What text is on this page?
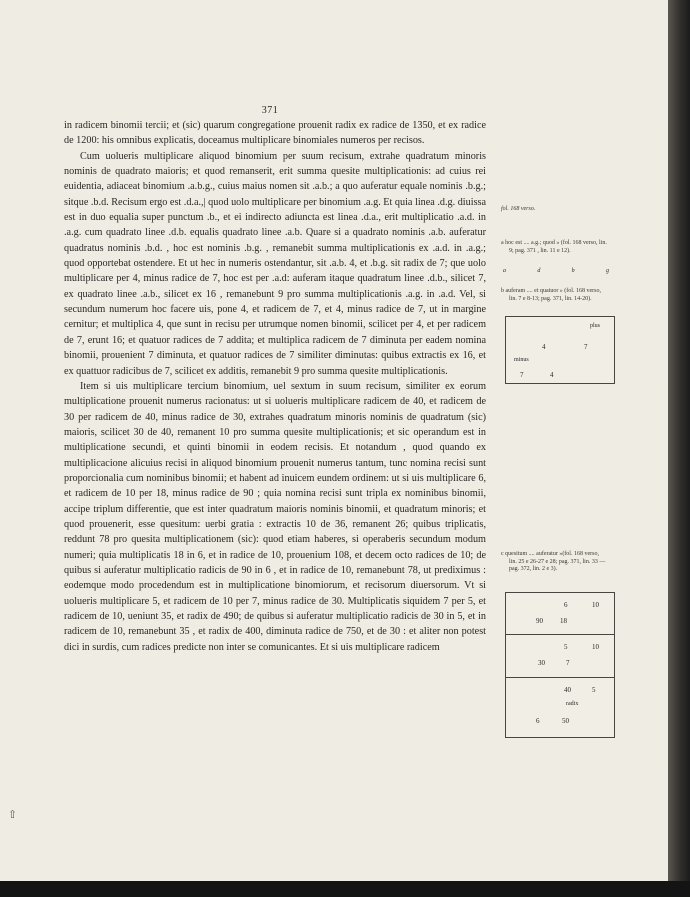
371

in radicem binomii tercii; et (sic) quarum congregatione prouenit radix ex radice de 1350, et ex radice de 1200: his omnibus explicatis, doceamus multiplicare binomiales numeros per recisos.

Cum uolueris multiplicare aliquod binomium per suum recisum, extrahe quadratum minoris nominis de quadrato maioris; et quod remanserit, erit summa quesite multiplicationis: ad cuius rei euidentia, adiaceat binomium .a.b.g., cuius maius nomen sit .a.b.; a quo auferatur equale nominis .b.g.; sitque .b.d. Recisum ergo est .d.a.,| quod uolo multiplicare per binomium .a.g. Et quia linea .d.g. diuissa est in duo equalia super punctum .b., et ei indirecto adiuncta est linea .d.a., erit multiplicatio .a.d. in .a.g. cum quadrato linee .d.b. equalis quadrato linee .a.b. Quare si a quadrato nominis .a.b. auferatur quadratus nominis .b.d. , hoc est nominis .b.g. , remanebit summa multiplicationis ex .a.d. in .a.g.; quod opportebat ostendere. Et ut hec in numeris ostendantur, sit .a.b. 4, et .b.g. sit radix de 7; que uolo multiplicare per 4, minus radice de 7, hoc est per .a.d: auferam itaque quadratum linee .d.b., silicet 7, ex quadrato linee .a.b., silicet ex 16 , remanebunt 9 pro summa multiplicationis .a.g. in .a.d. Vel, si secundum numerum hoc facere uis, pone 4, et radicem de 7, et 4, minus radice de 7, ut in margine cernitur; et multiplica 4, que sunt in recisu per utrumque nomen binomii, scilicet per 4, et per radicem de 7, erunt 16; et quatuor radices de 7 addita; et multiplica radicem de 7 diminuta per eadem nomina binomii, prouenient 7 diminuta, et quatuor radices de 7 similiter diminutas: quibus extractis ex 16, et ex quattuor radicibus de 7, scilicet ex additis, remanebit 9 pro summa quesite multiplicationis.

Item si uis multiplicare tercium binomium, uel sextum in suum recisum, similiter ex eorum multiplicatione prouenit numerus racionatus: ut si uolueris multiplicare radicem de 40, et radicem de 30 per radicem de 40, minus radice de 30, extrahes quadratum minoris nominis de quadratum (sic) maioris, scilicet 30 de 40, remanent 10 pro summa quesite multiplicationis; et sic operandum est in multiplicatione secundi, et quinti binomii in eodem recisis. Et notandum , quod quando ex multiplicacione alicuius recisi in aliquod binomium prouenit numerus tantum, tunc nomina recisi sunt proporcionalia cum nominibus binomii; et habent ad inuicem eundem ordinem: ut si uis multiplicare 6, et radicem de 10 per 18, minus radice de 90 ; quia nomina recisi sunt tripla ex nominibus binomii, accipe triplum differentie, que est inter quadratum maioris nominis binomii, et quadratum minoris; et quod prouenerit, esse quesitum: uerbi gratia : extractis 10 de 36, remanent 26; quibus triplicatis, reddunt 78 pro quesita multiplicationem (sic): quod etiam haberes, si operaberis secundum modum numeri; quia multiplicatis 18 in 6, et in radice de 10, prouenium 108, et decem octo radices de 10; de quibus si auferatur multiplicatio radicis de 90 in 6 , et in radice de 10, remanebunt 78, ut prediximus : eodemque modo procedendum est in multiplicatione binomiorum, et recisorum diuersorum. Vt si uolueris multiplicare 5, et radicem de 10 per 7, minus radice de 30. Multiplicatis siquidem 7 per 5, et radicem de 10, ueniunt 35, et radix de 490; de quibus si auferatur multiplicatio radicis de 30 in 5, et in radicem de 10, remanebunt 35 , et radix de 400, diminuta radice de 750, et de 30 : et aliter non potest dici in surdis, cum radices predicte non inter se comunicantes. Et si uis multiplicare radicem

fol. 168 verso.
a hoc est .... a.g.; quod » (fol. 168 verso, lin. 9; pag. 371 , lin. 11 e 12).
a	d	b	g
b auferam .... et quatuor » (fol. 168 verso, lin. 7 e 8-13; pag. 371, lin. 14-20).
plus
4	7
minus
7	4
c quesitum .... auferatur »(fol. 168 verso, lin. 25 e 26-27 e 28; pag. 371, lin. 33 — pag. 372, lin. 2 e 3).
6	10
90 18
5	10
30	7
40	5
radix
6	50
⇧
